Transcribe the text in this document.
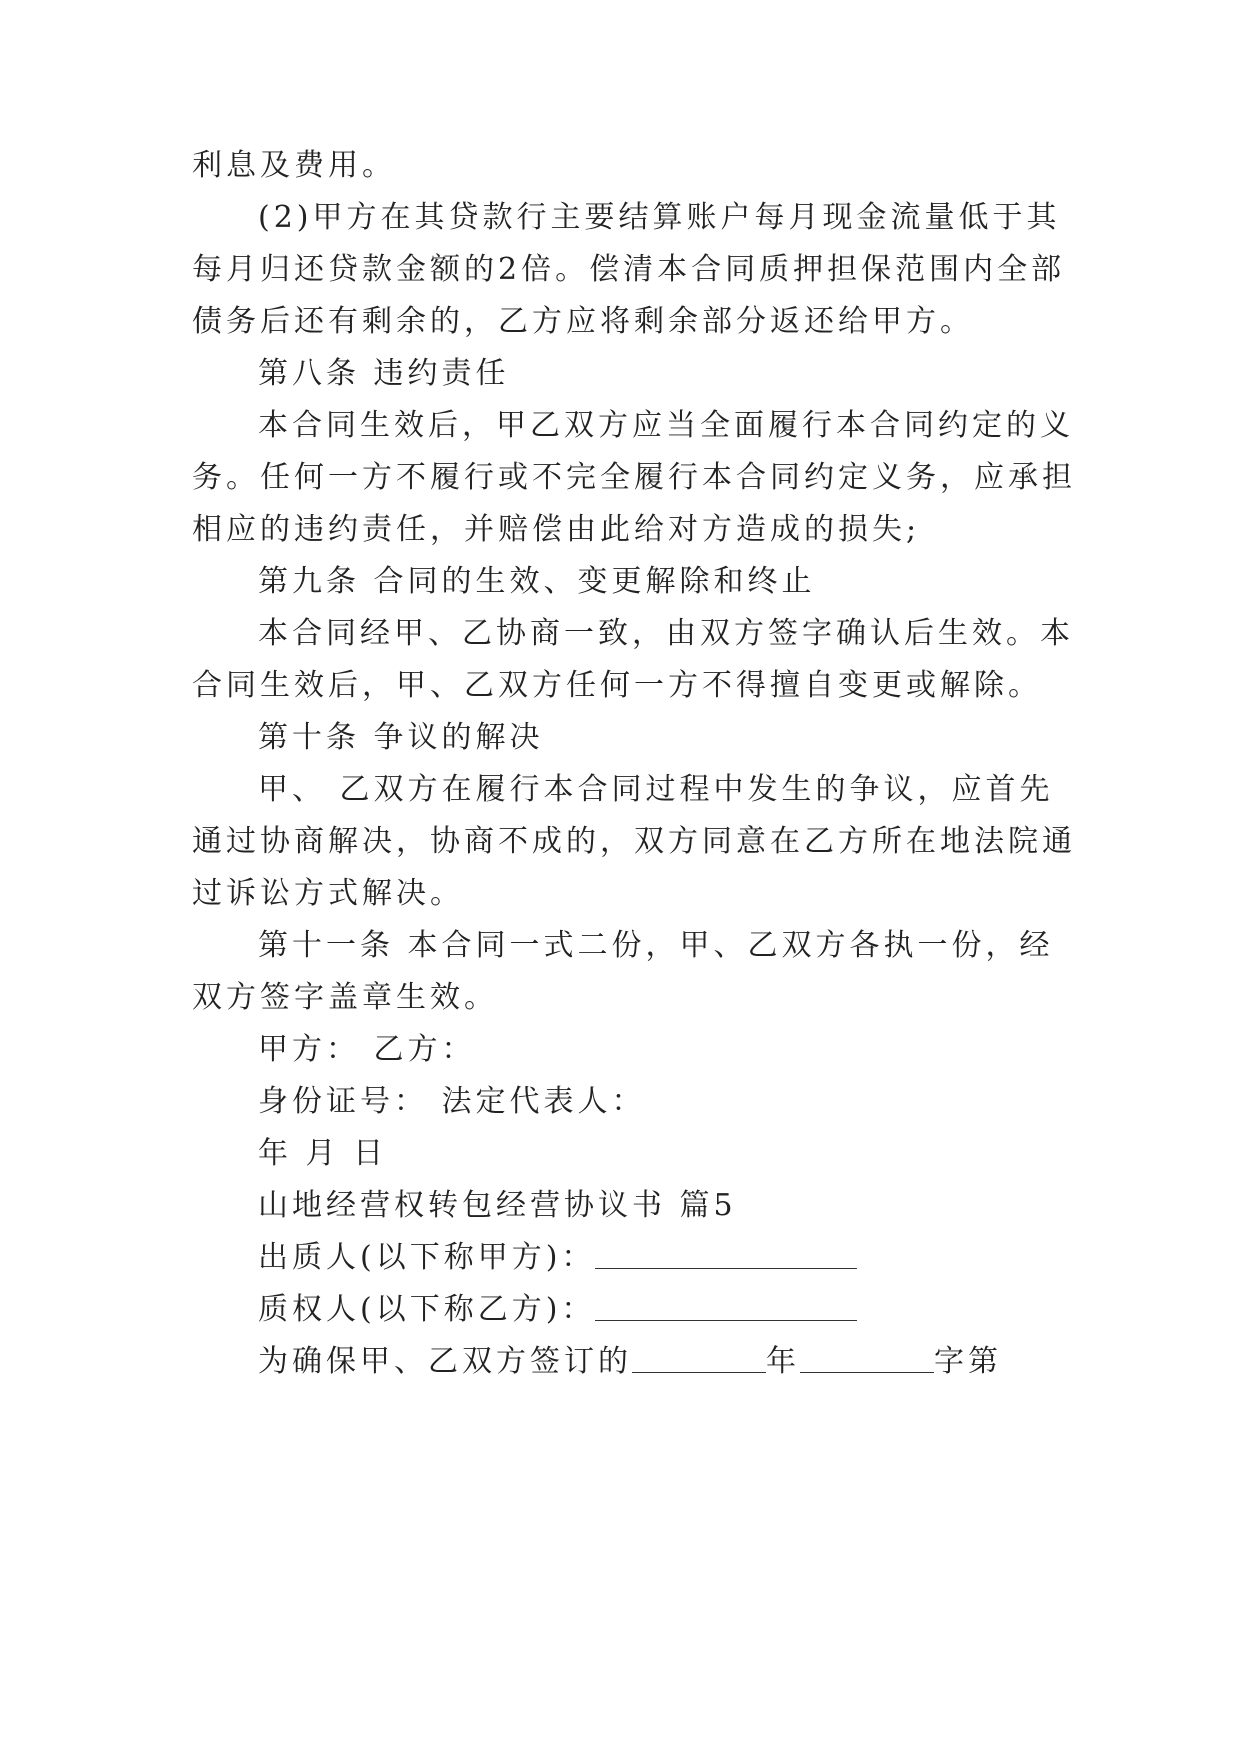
利息及费用。
(2)甲方在其贷款行主要结算账户每月现金流量低于其
每月归还贷款金额的2倍。偿清本合同质押担保范围内全部
债务后还有剩余的，乙方应将剩余部分返还给甲方。
第八条 违约责任
本合同生效后，甲乙双方应当全面履行本合同约定的义
务。任何一方不履行或不完全履行本合同约定义务，应承担
相应的违约责任，并赔偿由此给对方造成的损失;
第九条 合同的生效、变更解除和终止
本合同经甲、乙协商一致，由双方签字确认后生效。本
合同生效后，甲、乙双方任何一方不得擅自变更或解除。
第十条 争议的解决
甲、 乙双方在履行本合同过程中发生的争议，应首先
通过协商解决，协商不成的，双方同意在乙方所在地法院通
过诉讼方式解决。
第十一条 本合同一式二份，甲、乙双方各执一份，经
双方签字盖章生效。
甲方： 乙方：
身份证号： 法定代表人：
年 月 日
山地经营权转包经营协议书 篇5
出质人(以下称甲方)：
质权人(以下称乙方)：
为确保甲、乙双方签订的	年	字第
